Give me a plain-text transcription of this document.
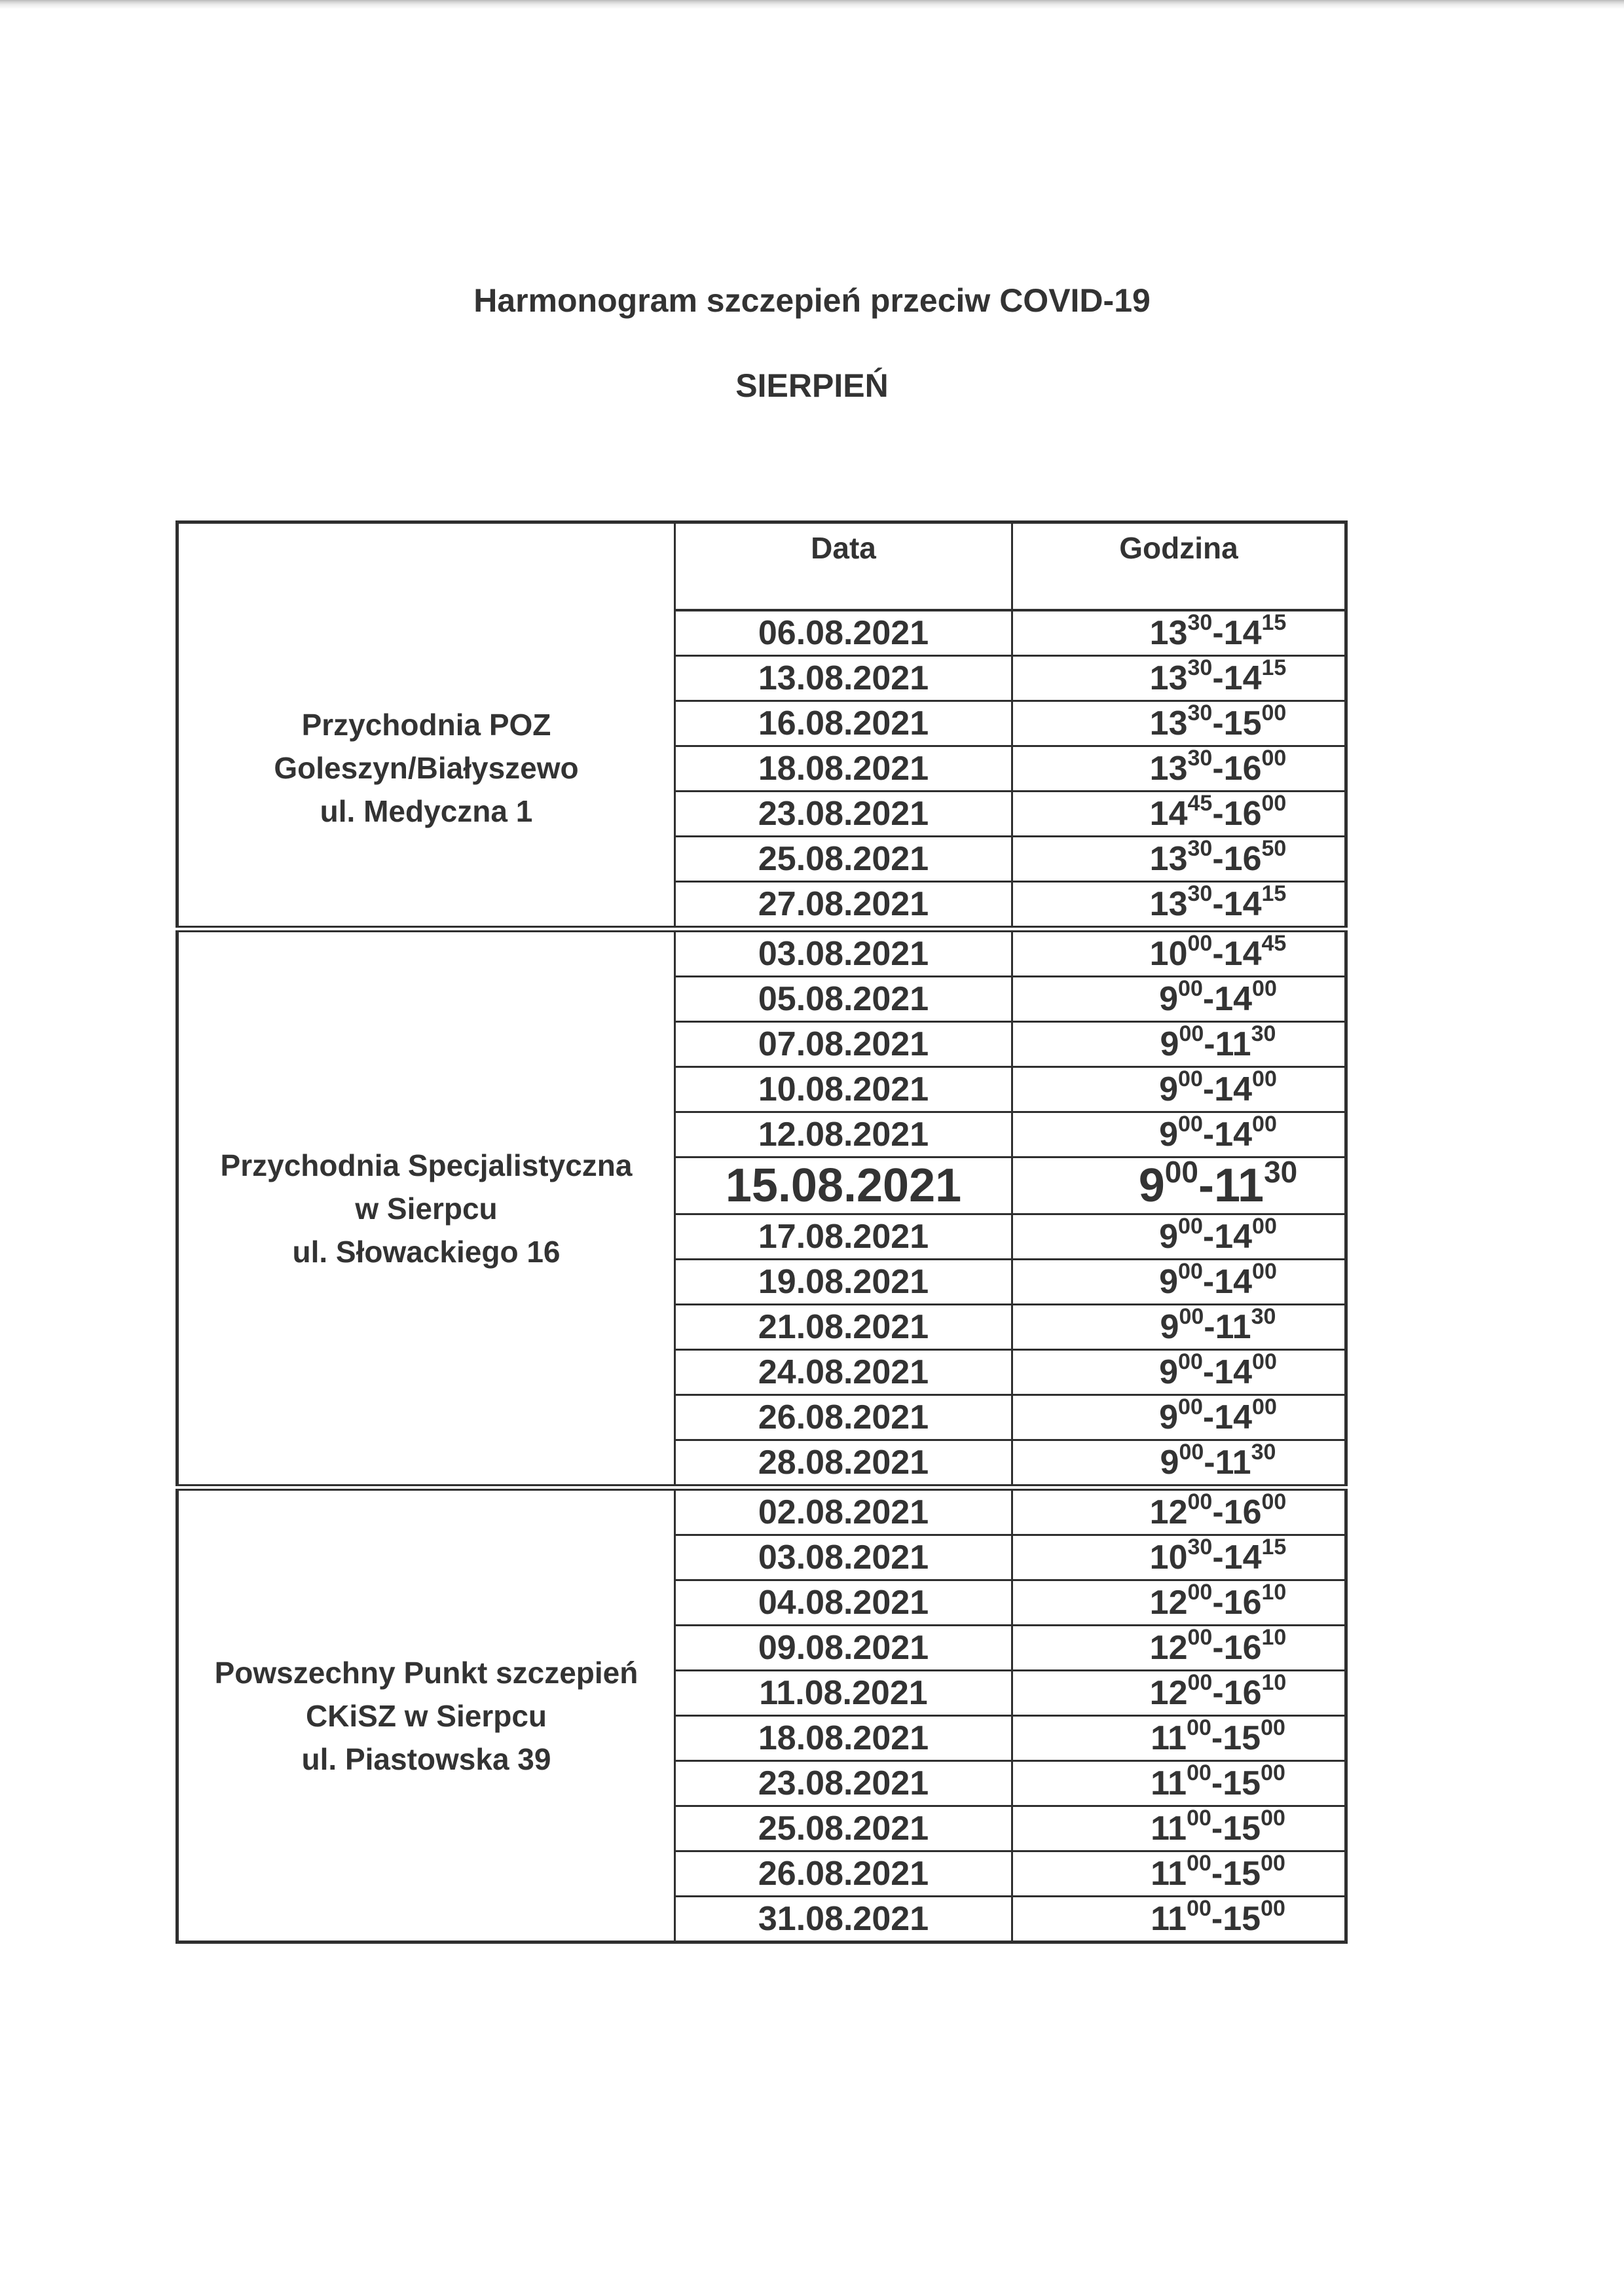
Harmonogram szczepień przeciw COVID-19
SIERPIEŃ
	Data	Godzina

Przychodnia POZ
Goleszyn/Białyszewo
ul. Medyczna 1	06.08.2021	$13^{30}-14^{15}$
	13.08.2021	$13^{30}-14^{15}$
	16.08.2021	$13^{30}-15^{00}$
	18.08.2021	$13^{30}-16^{00}$
	23.08.2021	$14^{45}-16^{00}$
	25.08.2021	$13^{30}-16^{50}$
	27.08.2021	$13^{30}-14^{15}$

Przychodnia Specjalistyczna
w Sierpcu
ul. Słowackiego 16	03.08.2021	$10^{00}-14^{45}$
	05.08.2021	$9^{00}-14^{00}$
	07.08.2021	$9^{00}-11^{30}$
	10.08.2021	$9^{00}-14^{00}$
	12.08.2021	$9^{00}-14^{00}$
	15.08.2021	$9^{00}-11^{30}$
	17.08.2021	$9^{00}-14^{00}$
	19.08.2021	$9^{00}-14^{00}$
	21.08.2021	$9^{00}-11^{30}$
	24.08.2021	$9^{00}-14^{00}$
	26.08.2021	$9^{00}-14^{00}$
	28.08.2021	$9^{00}-11^{30}$

Powszechny Punkt szczepień
CKiSZ w Sierpcu
ul. Piastowska 39	02.08.2021	$12^{00}-16^{00}$
	03.08.2021	$10^{30}-14^{15}$
	04.08.2021	$12^{00}-16^{10}$
	09.08.2021	$12^{00}-16^{10}$
	11.08.2021	$12^{00}-16^{10}$
	18.08.2021	$11^{00}-15^{00}$
	23.08.2021	$11^{00}-15^{00}$
	25.08.2021	$11^{00}-15^{00}$
	26.08.2021	$11^{00}-15^{00}$
	31.08.2021	$11^{00}-15^{00}$
